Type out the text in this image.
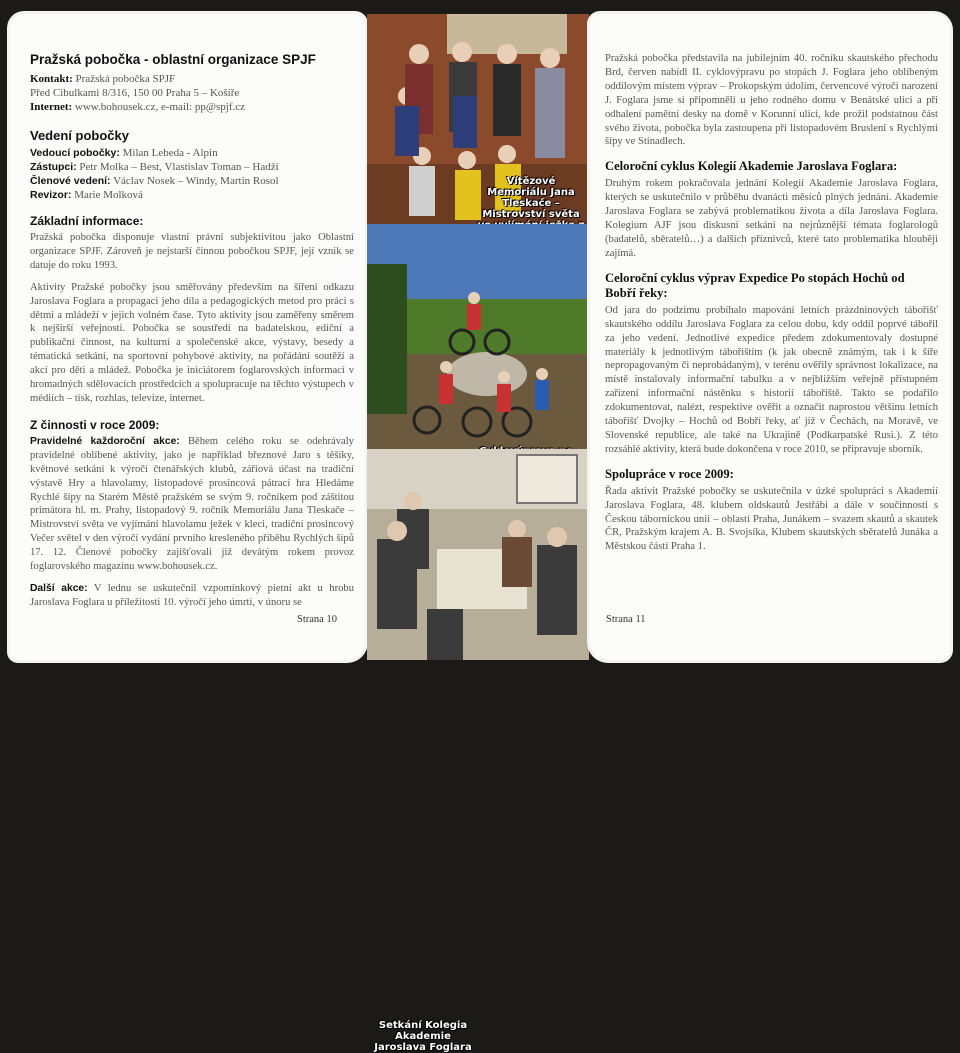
Pražská pobočka - oblastní organizace SPJF

Kontakt: Pražská pobočka SPJF

Před Cibulkami 8/316, 150 00 Praha 5 – Košíře

Internet: www.bohousek.cz, e-mail: pp@spjf.cz

Vedení pobočky

Vedoucí pobočky: Milan Lebeda - Alpin

Zástupci: Petr Molka – Best, Vlastislav Toman – Hadži

Členové vedení: Václav Nosek – Windy, Martin Rosol

Revizor: Marie Molková

Základní informace:

Pražská pobočka disponuje vlastní právní subjektivitou jako Oblastní organizace SPJF. Zároveň je nejstarší činnou pobočkou SPJF, její vznik se datuje do roku 1993.

Aktivity Pražské pobočky jsou směřovány především na šíření odkazu Jaroslava Foglara a propagaci jeho díla a pedagogických metod pro práci s dětmi a mládeží v jejich volném čase. Tyto aktivity jsou zaměřeny směrem k nejširší veřejnosti. Pobočka se soustředí na badatelskou, ediční a publikační činnost, na kulturní a společenské akce, výstavy, besedy a tématická setkání, na sportovní pohybové aktivity, na pořádání soutěží a akcí pro děti a mládež. Pobočka je iniciátorem foglarovských informací v hromadných sdělovacích prostředcích a spolupracuje na těchto výstupech v médiích – tisk, rozhlas, televize, internet.

Z činnosti v roce 2009:

Pravidelné každoroční akce: Během celého roku se odehrávaly pravidelné oblíbené aktivity, jako je například březnové Jaro s těšíky, květnové setkání k výročí čtenářských klubů, zářiová účast na tradiční výstavě Hry a hlavolamy, listopadové prosincová pátrací hra Hledáme Rychlé šípy na Starém Městě pražském se svým 9. ročníkem pod záštitou primátora hl. m. Prahy, listopadový 9. ročník Memoriálu Jana Tleskače – Mistrovství světa ve vyjímání hlavolamu ježek v kleci, tradiční prosincový Večer světel v den výročí vydání prvního kresleného příběhu Rychlých šípů 17. 12. Členové pobočky zajišťovali již devátým rokem provoz foglarovského magazínu www.bohousek.cz.

Další akce: V lednu se uskutečnil vzpomínkový pietní akt u hrobu Jaroslava Foglara u příležitosti 10. výročí jeho úmrtí, v únoru se

Strana 10
Vítězové Memoriálu Jana Tleskače – Mistrovství světa
Setkání Kolegia Akademie Jaroslava Foglara

Pražská pobočka představila na jubilejním 40. ročníku skautského přechodu Brd, červen nabídl II. cyklovýpravu po stopách J. Foglara jeho oblíbeným oddílovým místem výprav – Prokopským údolím, červencové výročí narození J. Foglara jsme si připomněli u jeho rodného domu v Benátské ulici a při odhalení pamětní desky na domě v Korunní ulici, kde prožil podstatnou část svého života, pobočka byla zastoupena při listopadovém Bruslení s Rychlými šípy ve Stínadlech.

Celoroční cyklus Kolegií Akademie Jaroslava Foglara:

Druhým rokem pokračovala jednání Kolegií Akademie Jaroslava Foglara, kterých se uskutečnilo v průběhu dvanácti měsíců plných jednání. Akademie Jaroslava Foglara se zabývá problematikou života a díla Jaroslava Foglara. Kolegium AJF jsou diskusní setkání na nejrůznější témata foglarologů (badatelů, sběratelů…) a dalších příznivců, které tato problematika hlouběji zajímá.

Celoroční cyklus výprav Expedice Po stopách Hochů od Bobří řeky:

Od jara do podzimu probíhalo mapování letních prázdninových tábořišť skautského oddílu Jaroslava Foglara za celou dobu, kdy oddíl poprvé tábořil za jeho vedení. Jednotlivé expedice předem zdokumentovaly dostupné materiály k jednotlivým tábořištím (k jak obecně známým, tak i k šíře nepropagovaným či neprobádaným), v terénu ověřily správnost lokalizace, na místě instalovaly informační tabulku a v nejbližším veřejně přístupném zařízení informační nástěnku s historií tábořiště. Takto se podařilo zdokumentovat, nalézt, respektive ověřit a označit naprostou většinu letních tábořišť Dvojky – Hochů od Bobří řeky, ať již v Čechách, na Moravě, ve Slovenské republice, ale také na Ukrajině (Podkarpatské Rusi.). Z této rozsáhlé aktivity, která bude dokončena v roce 2010, se připravuje sborník.

Spolupráce v roce 2009:

Řada aktivit Pražské pobočky se uskutečnila v úzké spolupráci s Akademií Jaroslava Foglara, 48. klubem oldskautů Jestřábi a dále v součinnosti s Českou tábornickou unií – oblastí Praha, Junákem – svazem skautů a skautek ČR, Pražským krajem A. B. Svojsíka, Klubem skautských sběratelů Junáka a Městskou částí Praha 1.

Strana 11
